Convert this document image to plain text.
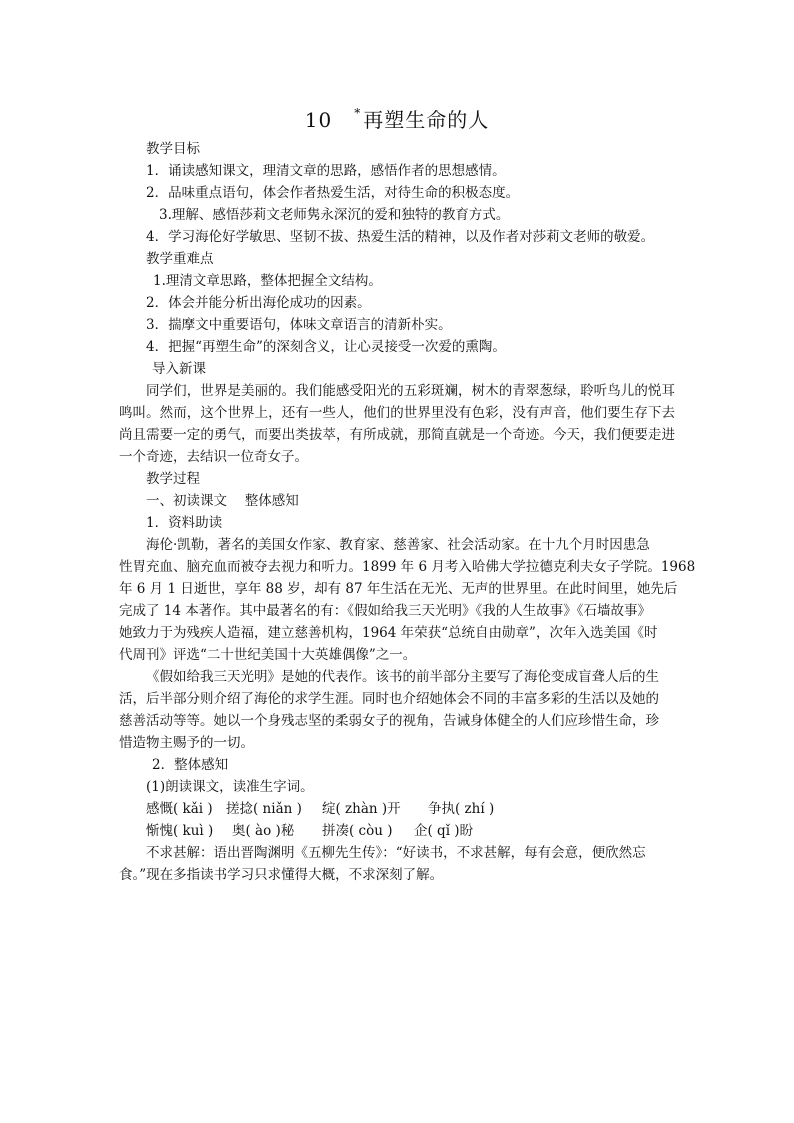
10 * 再塑生命的人

教学目标

1．诵读感知课文，理清文章的思路，感悟作者的思想感情。

2．品味重点语句，体会作者热爱生活，对待生命的积极态度。

3.理解、感悟莎莉文老师隽永深沉的爱和独特的教育方式。

4．学习海伦好学敏思、坚韧不拔、热爱生活的精神，以及作者对莎莉文老师的敬爱。

教学重难点

1.理清文章思路，整体把握全文结构。

2．体会并能分析出海伦成功的因素。

3．揣摩文中重要语句，体味文章语言的清新朴实。

4．把握“再塑生命”的深刻含义，让心灵接受一次爱的熏陶。

导入新课

同学们，世界是美丽的。我们能感受阳光的五彩斑斓，树木的青翠葱绿，聆听鸟儿的悦耳鸣叫。然而，这个世界上，还有一些人，他们的世界里没有色彩，没有声音，他们要生存下去尚且需要一定的勇气，而要出类拔萃，有所成就，那简直就是一个奇迹。今天，我们便要走进一个奇迹，去结识一位奇女子。

教学过程

一、初读课文　 整体感知

1．资料助读

海伦·凯勒，著名的美国女作家、教育家、慈善家、社会活动家。在十九个月时因患急

性胃充血、脑充血而被夺去视力和听力。1899 年 6 月考入哈佛大学拉德克利夫女子学院。1968

年 6 月 1 日逝世，享年 88 岁，却有 87 年生活在无光、无声的世界里。在此时间里，她先后

完成了 14 本著作。其中最著名的有：《假如给我三天光明》《我的人生故事》《石墙故事》

她致力于为残疾人造福，建立慈善机构，1964 年荣获“总统自由勋章”，次年入选美国《时

代周刊》评选“二十世纪美国十大英雄偶像”之一。

《假如给我三天光明》是她的代表作。该书的前半部分主要写了海伦变成盲聋人后的生

活，后半部分则介绍了海伦的求学生涯。同时也介绍她体会不同的丰富多彩的生活以及她的

慈善活动等等。她以一个身残志坚的柔弱女子的视角，告诫身体健全的人们应珍惜生命，珍

惜造物主赐予的一切。

2．整体感知

(1)朗读课文，读准生字词。

感慨( kǎi ) 搓捻( niǎn ) 绽( zhàn )开 争执( zhí )

惭愧( kuì ) 奥( ào )秘 拼凑( còu ) 企( qǐ )盼

不求甚解：语出晋陶渊明《五柳先生传》：“好读书，不求甚解，每有会意，便欣然忘

食。”现在多指读书学习只求懂得大概，不求深刻了解。
